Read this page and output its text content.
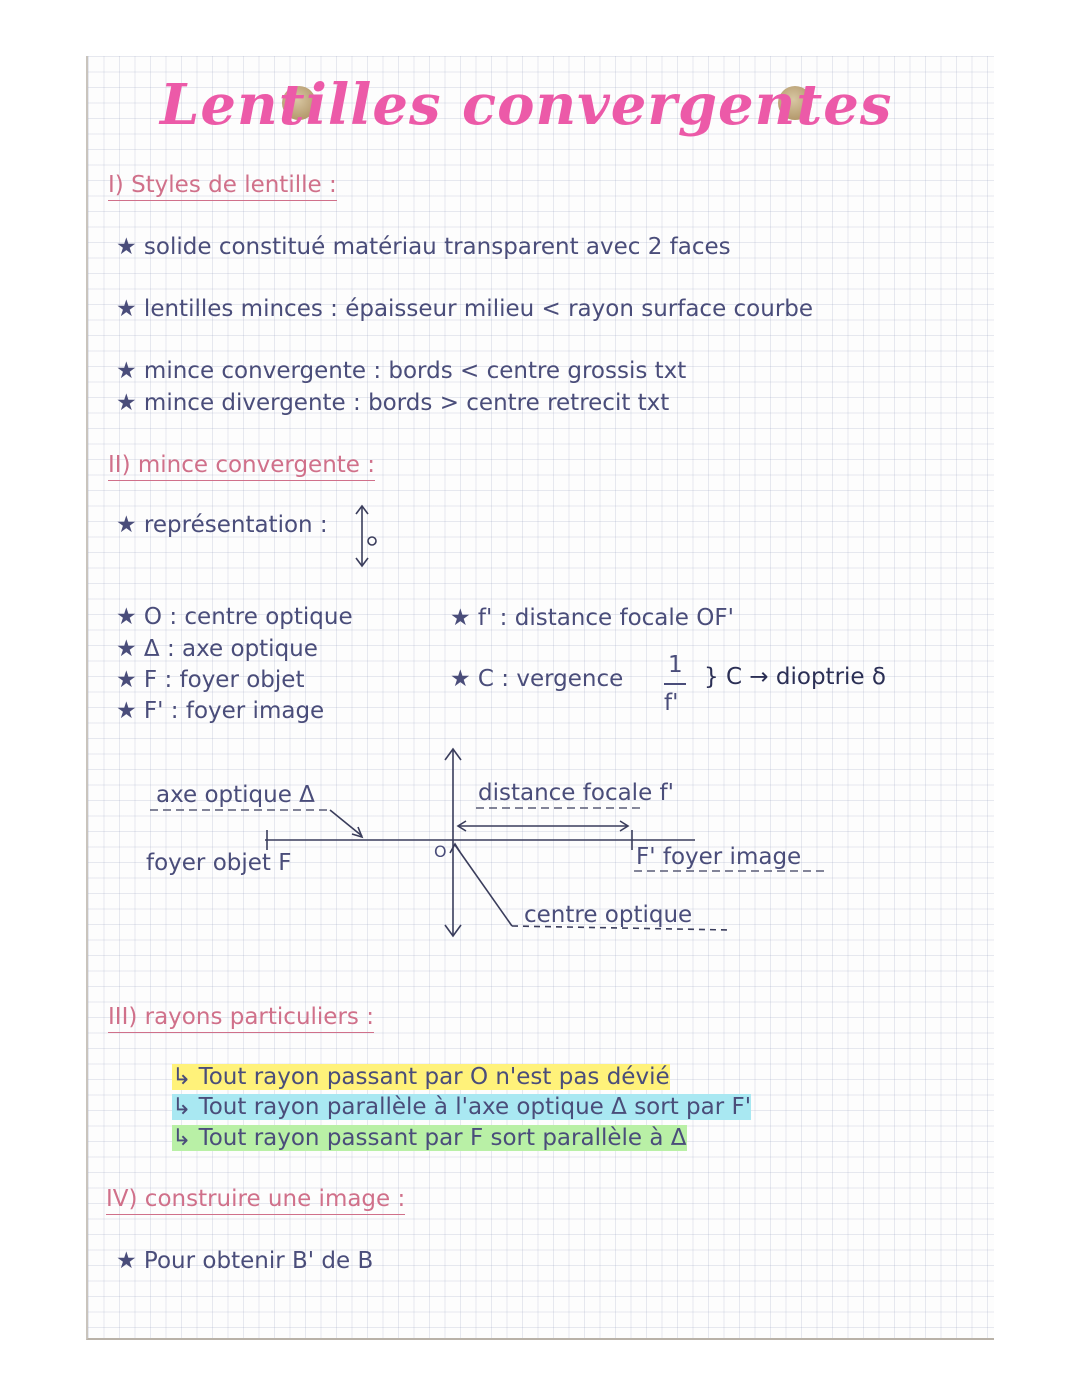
Lentilles convergentes
I) Styles de lentille :
★ solide constitué matériau transparent avec 2 faces
★ lentilles minces : épaisseur milieu < rayon surface courbe
★ mince convergente : bords < centre grossis txt
★ mince divergente : bords > centre retrecit txt
II) mince convergente :
★ représentation :
★ O : centre optique
★ Δ : axe optique
★ F : foyer objet
★ F' : foyer image
★ f' : distance focale OF'
★ C : vergence
1
f'
} C → dioptrie δ
axe optique Δ
foyer objet F	O
distance focale f'
F' foyer image
centre optique
III) rayons particuliers :
↳ Tout rayon passant par O n'est pas dévié
↳ Tout rayon parallèle à l'axe optique Δ sort par F'
↳ Tout rayon passant par F sort parallèle à Δ
IV) construire une image :
★ Pour obtenir B' de B
